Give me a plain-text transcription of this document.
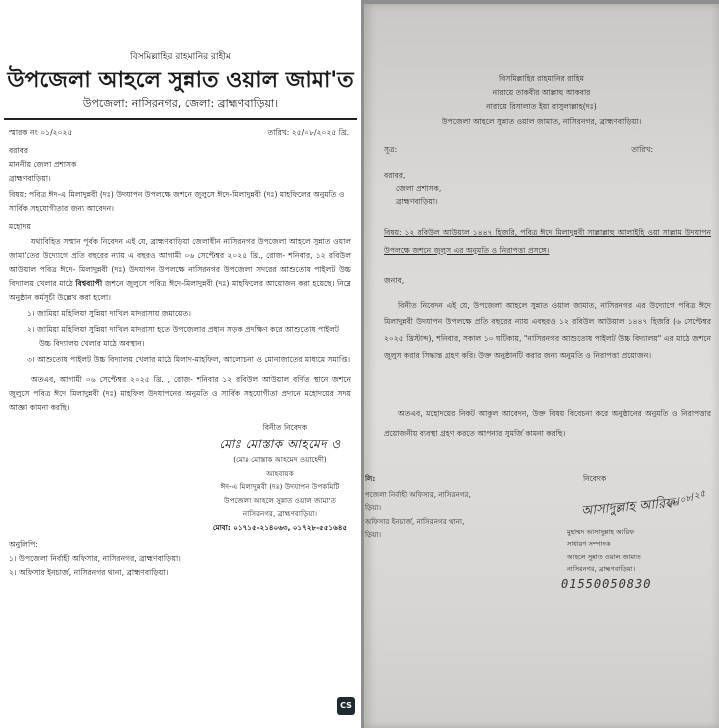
বিসমিল্লাহির রাহমানির রাহীম
উপজেলা আহলে সুন্নাত ওয়াল জামা'ত
উপজেলা: নাসিরনগর, জেলা: ব্রাহ্মণবাড়িয়া।
স্মারক নং ০১/২০২৫	তারিখ: ২৫/০৮/২০২৫ খ্রি.
বরাবর
মাননীয় জেলা প্রশাসক
ব্রাহ্মণবাড়িয়া।
বিষয়: পবিত্র ঈদ-এ মিলাদুন্নবী (দঃ) উদযাপন উপলক্ষে জশনে জুলুসে ঈদে-মিলাদুন্নবী (দঃ) মাহফিলের অনুমতি ও সার্বিক সহযোগীতার জন্য আবেদন।
মহোদয়
যথাবিহিত সম্মান পূর্বক নিবেদন এই যে, ব্রাহ্মণবাড়িয়া জেলাধীন নাসিরনগর উপজেলা আহলে সুন্নাত ওয়াল জামা'তের উদ্যোগে প্রতি বছরের ন্যায় এ বছরও আগামী ০৬ সেপ্টেম্বর ২০২৫ খ্রি., রোজ- শনিবার, ১২ রবিউল আউয়াল পবিত্র ঈদে- মিলাদুন্নবী (দঃ) উদযাপন উপলক্ষে নাসিরনগর উপজেলা সদরের আশুতোষ পাইলট উচ্চ বিদ্যালয় খেলার মাঠে বিশ্বব্যাপী জশনে জুলুসে পবিত্র ঈদে-মিলাদুন্নবী (দঃ) মাহফিলের আয়োজন করা হয়েছে। নিম্নে অনুষ্ঠান কর্মসূচী উল্লেখ করা হলো।
১। জামিয়া মহিলিয়া সুন্নিয়া দাখিল মাদরাসায় জমায়েত।
২। জামিয়া মহিলিয়া সুন্নিয়া দাখিল মাদরাসা হতে উপজেলার প্রধান সড়ক প্রদক্ষিণ করে আশুতোষ পাইলট উচ্চ বিদ্যালয় খেলার মাঠে অবস্থান।
৩। আশুতোষ পাইলট উচ্চ বিদ্যালয় খেলার মাঠে মিলাদ-মাহফিল, আলোচনা ও মোনাজাতের মাধ্যমে সমাপ্তি।
অতএব, আগামী ০৬ সেপ্টেম্বর ২০২৫ খ্রি. , রোজ- শনিবার ১২ রবিউল আউয়াল বর্ণিত স্থানে জশনে জুলুসে পবিত্র ঈদে মিলাদুন্নবী (দঃ) মাহফিল উদযাপনের অনুমতি ও সার্বিক সহযোগীতা প্রদানে মহোদয়ের সদয় আজ্ঞা কামনা করছি।
বিনীত নিবেদক
মোঃ মোস্তাক আহমেদ ও
(মোঃ মোস্তাক আহমেদ ওয়াহেদী)
আহবায়ক
ঈদ-এ মিলাদুন্নবী (দঃ) উদযাপন উপকমিটি
উপজেলা আহলে সুন্নাত ওয়াল জামা'ত
নাসিরনগর, ব্রাহ্মণবাড়িয়া।
মোবা: ০১৭১৫-২১৪০৬৩, ০১৭২৮-৫৫১৬৪৫
অনুলিপি:
১। উপজেলা নির্বাহী অফিসার, নাসিরনগর, ব্রাহ্মণবাড়িয়া।
২। অফিসার ইনচার্জ, নাসিরনগর থানা, ব্রাহ্মণবাড়িয়া।
CS
বিসমিল্লাহির রাহমানির রাহিম
নারায়ে তাকবীর আল্লাহু আকবার
নারায়ে রিসালাত ইয়া রাসুলাল্লাহ(দঃ)
উপজেলা আহলে সুন্নাত ওয়াল জামাত, নাসিরনগর, ব্রাহ্মণবাড়িয়া।
সূত্র:	তারিখ:
বরাবর,
জেলা প্রশাসক,
ব্রাহ্মণবাড়িয়া।
বিষয়: ১২ রবিউল আউয়াল ১৪৪৭ হিজরি, পবিত্র ঈদে মিলাদুন্নবী সাল্লাল্লাহু আলাইহি ওয়া সাল্লাম উদযাপন উপলক্ষে জশনে জুলুস এর অনুমতি ও নিরাপত্তা প্রসঙ্গে।
জনাব,
বিনীত নিবেদন এই যে, উপজেলা আহলে সুন্নাত ওয়াল জামাত, নাসিরনগর এর উদ্যোগে পবিত্র ঈদে মিলাদুন্নবী উদযাপন উপলক্ষে প্রতি বছরের ন্যায় এবছরও ১২ রবিউল আউয়াল ১৪৪৭ হিজরি (৬ সেপ্টেম্বর ২০২৫ খ্রিস্টাব্দ), শনিবার, সকাল ১০ ঘটিকায়, "নাসিরনগর আশুতোষ পাইলট উচ্চ বিদ্যালয়" এর মাঠে জশনে জুলুস করার সিদ্ধান্ত গ্রহণ করি। উক্ত অনুষ্ঠানটি করার জন্য অনুমতি ও নিরাপত্তা প্রয়োজন।
অতএব, মহোদয়ের নিকট আকুল আবেদন, উক্ত বিষয় বিবেচনা করে অনুষ্ঠানের অনুমতি ও নিরাপত্তার প্রয়োজনীয় ব্যবস্থা গ্রহণ করতে আপনার সুমর্জি কামনা করছি।
লি:
পজেলা নির্বাহী অফিসার, নাসিরনগর,
ড়িয়া।
অফিসার ইনচার্জ, নাসিরনগর থানা,
ড়িয়া।
নিবেদক
আসাদুল্লাহ আরিফ
২৬/০৮/২৫
মুহাম্মদ আসাদুল্লাহ আরিফ
সাধারণ সম্পাদক
আহলে সুন্নাত ওয়াল জামাত
নাসিরনগর, ব্রাহ্মণবাড়িয়া।
01550050830
